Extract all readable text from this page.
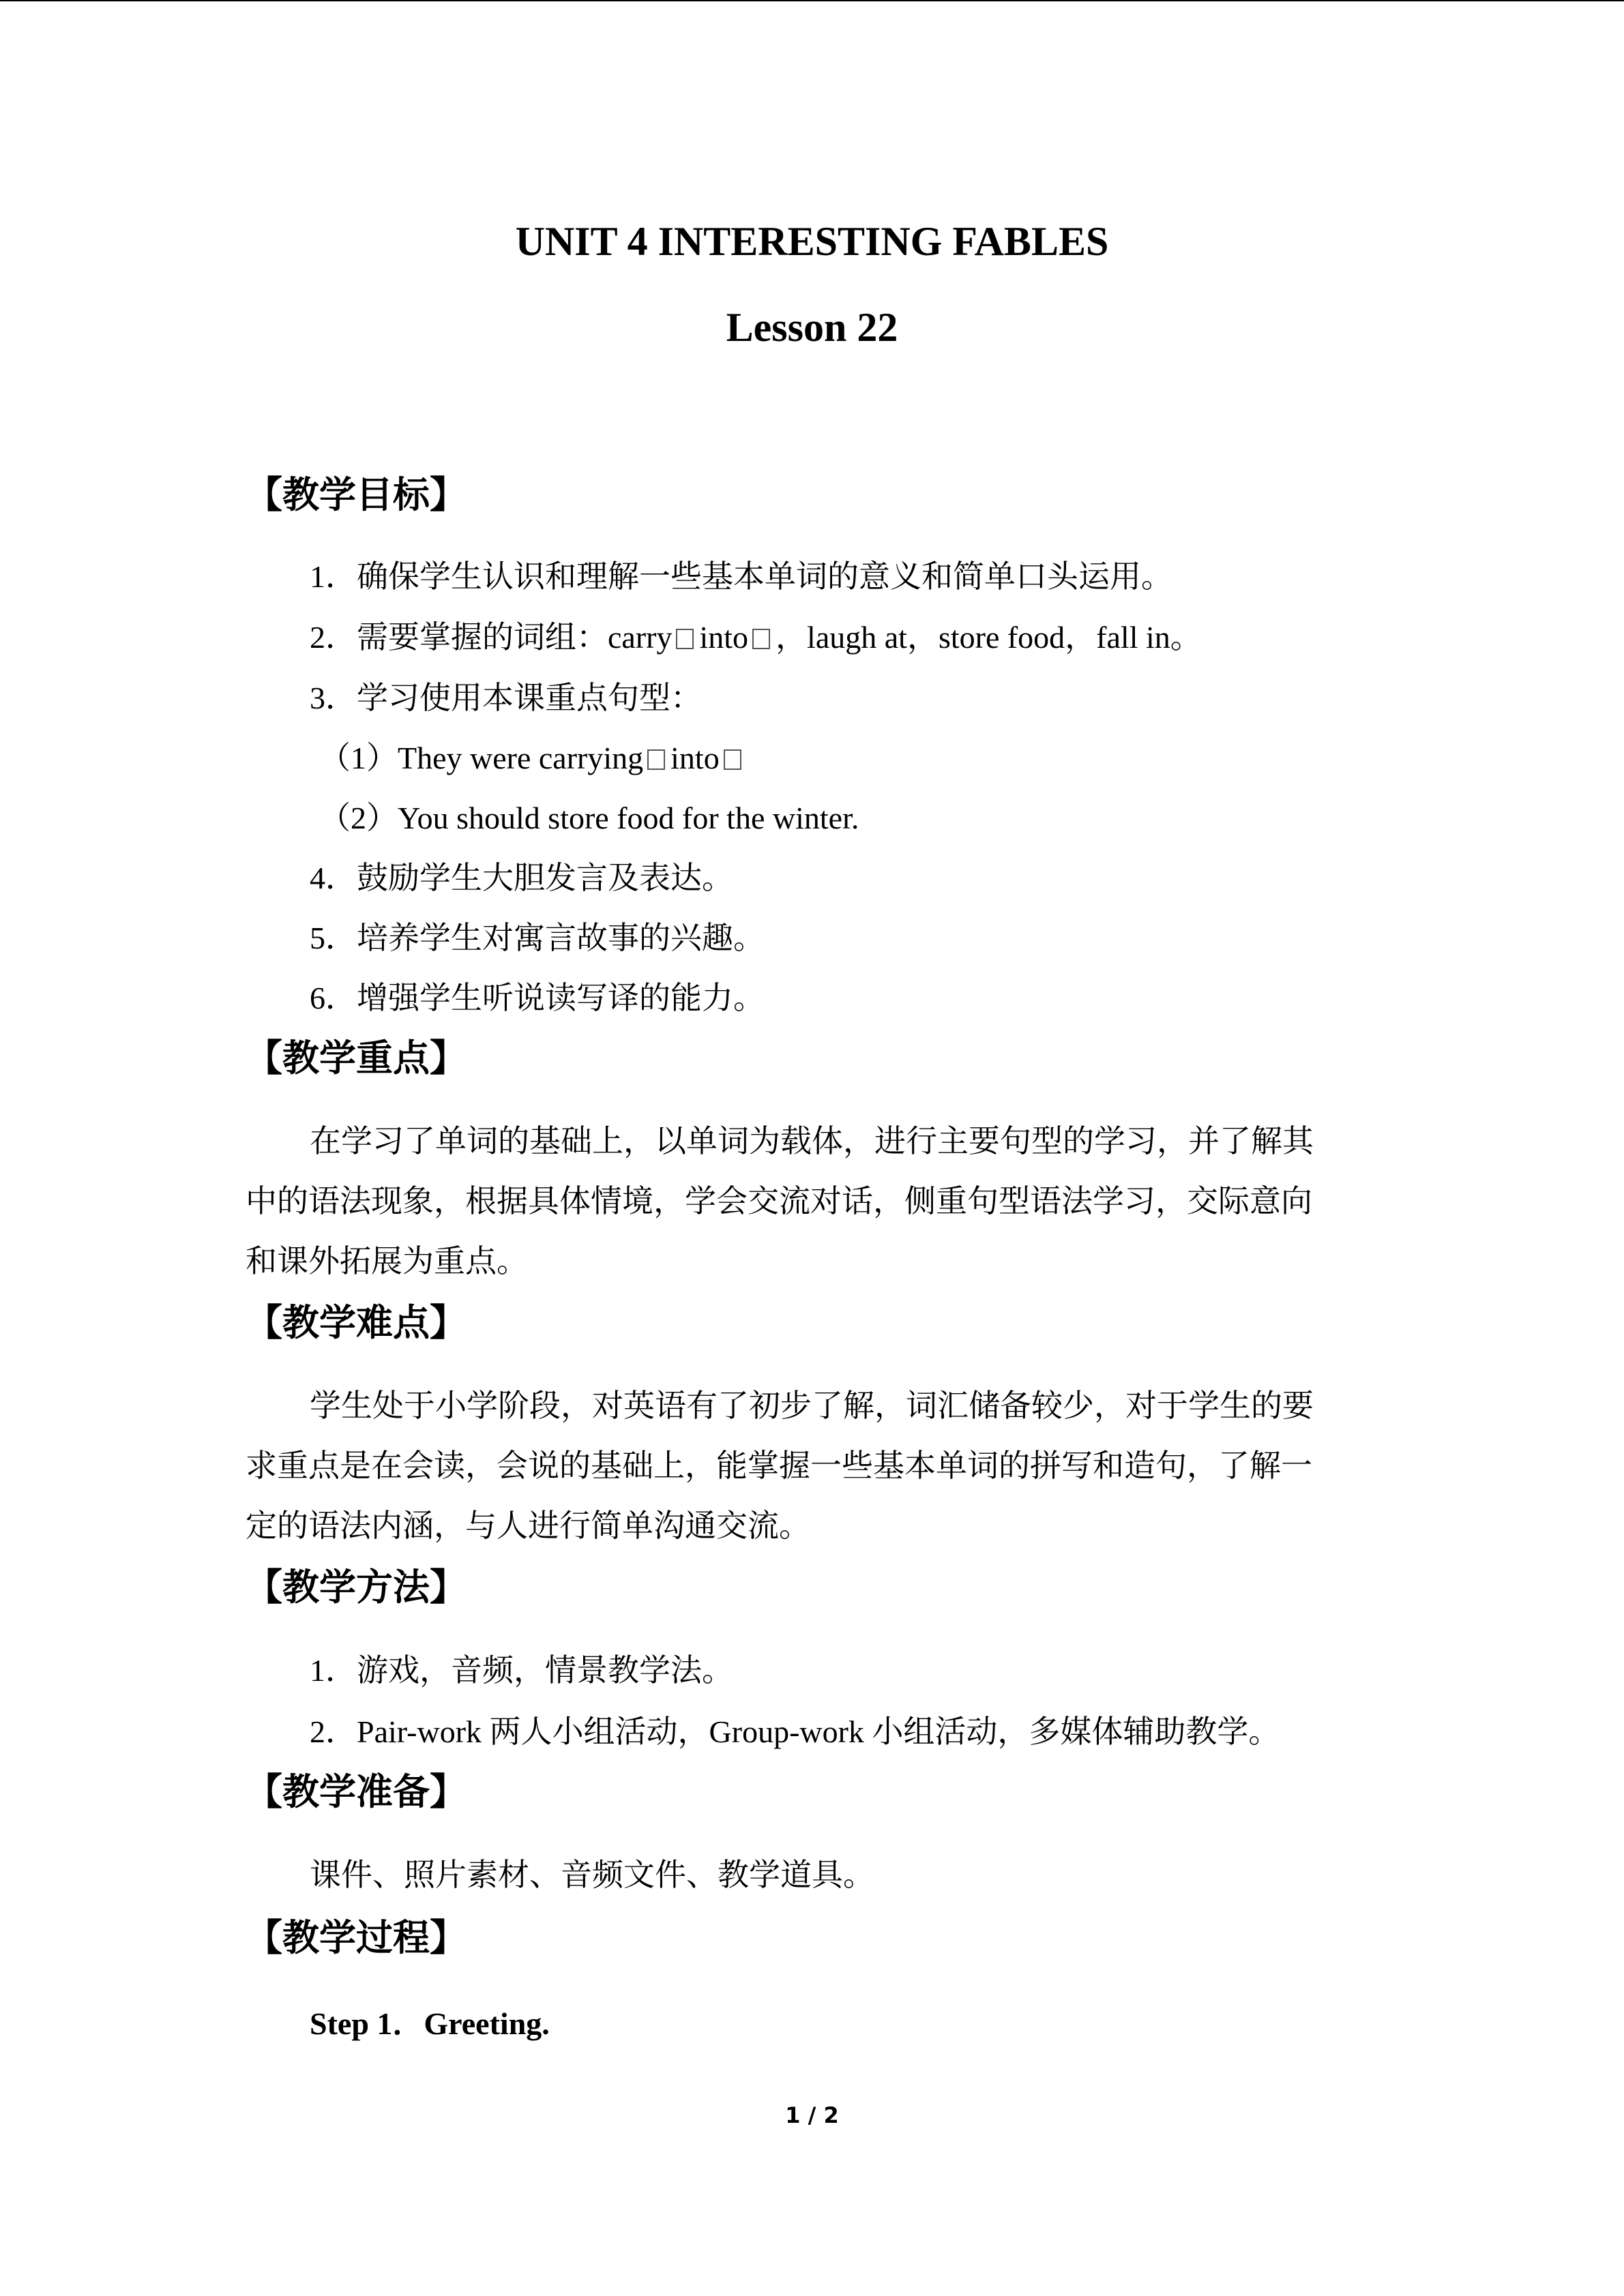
UNIT 4 INTERESTING FABLES
Lesson 22
【教学目标】
1．确保学生认识和理解一些基本单词的意义和简单口头运用。
2．需要掌握的词组：carry into ，laugh at，store food，fall in。
3．学习使用本课重点句型：
（1）They were carrying into
（2）You should store food for the winter.
4．鼓励学生大胆发言及表达。
5．培养学生对寓言故事的兴趣。
6．增强学生听说读写译的能力。
【教学重点】
在学习了单词的基础上，以单词为载体，进行主要句型的学习，并了解其
中的语法现象，根据具体情境，学会交流对话，侧重句型语法学习，交际意向
和课外拓展为重点。
【教学难点】
学生处于小学阶段，对英语有了初步了解，词汇储备较少，对于学生的要
求重点是在会读，会说的基础上，能掌握一些基本单词的拼写和造句，了解一
定的语法内涵，与人进行简单沟通交流。
【教学方法】
1．游戏，音频，情景教学法。
2．Pair-work 两人小组活动，Group-work 小组活动，多媒体辅助教学。
【教学准备】
课件、照片素材、音频文件、教学道具。
【教学过程】
Step 1．Greeting.
1 / 2
